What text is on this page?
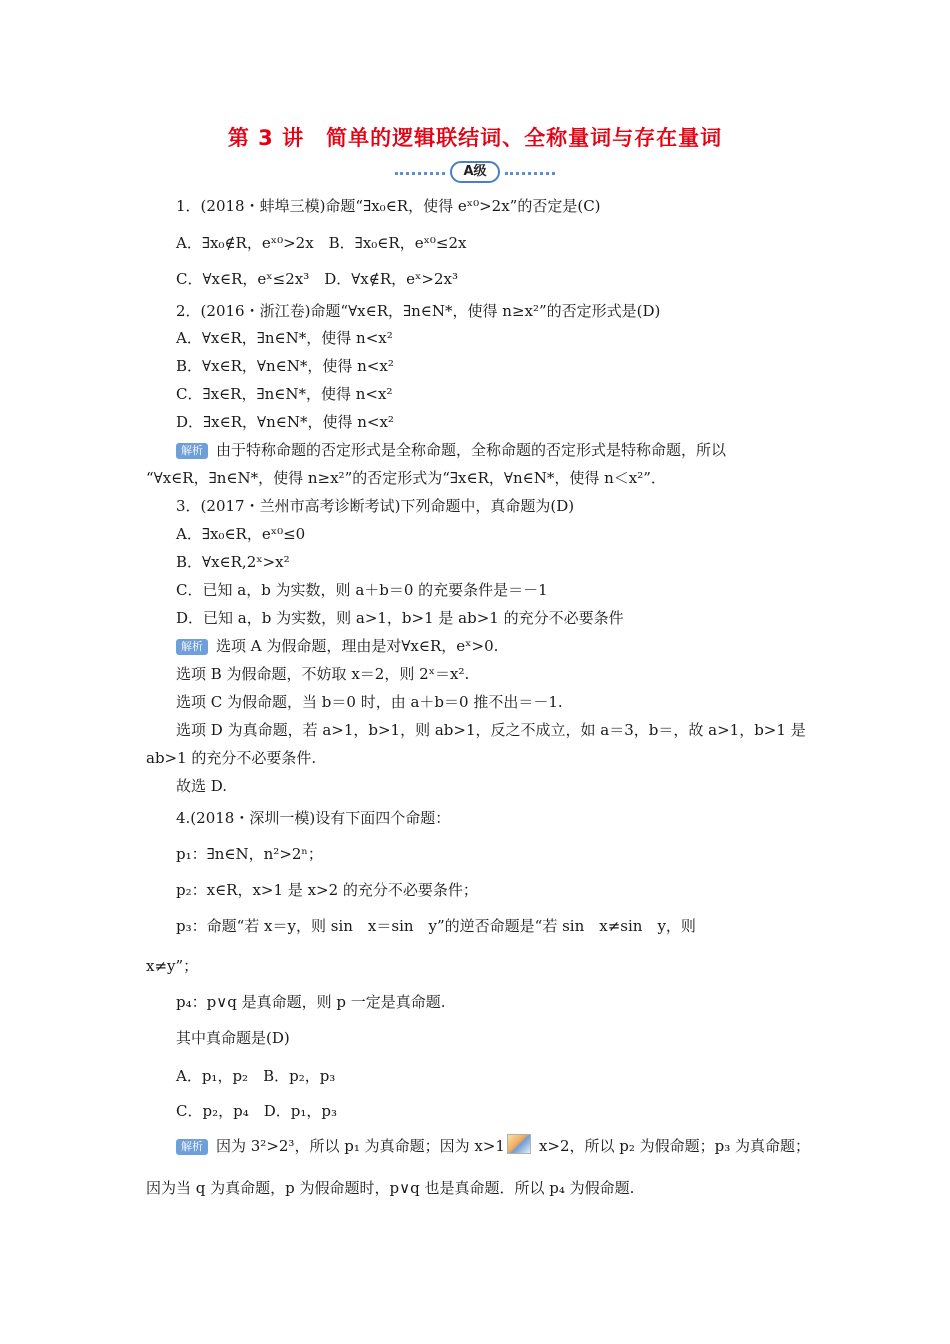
第 3 讲　简单的逻辑联结词、全称量词与存在量词
A级
1．(2018・蚌埠三模)命题“∃x₀∈R，使得 eˣ⁰>2x”的否定是(C)
A．∃x₀∉R，eˣ⁰>2x　B．∃x₀∈R，eˣ⁰≤2x
C．∀x∈R，eˣ≤2x³　D．∀x∉R，eˣ>2x³
2．(2016・浙江卷)命题“∀x∈R，∃n∈N*，使得 n≥x²”的否定形式是(D)
A．∀x∈R，∃n∈N*，使得 n<x²
B．∀x∈R，∀n∈N*，使得 n<x²
C．∃x∈R，∃n∈N*，使得 n<x²
D．∃x∈R，∀n∈N*，使得 n<x²
解析 由于特称命题的否定形式是全称命题，全称命题的否定形式是特称命题，所以
“∀x∈R，∃n∈N*，使得 n≥x²”的否定形式为“∃x∈R，∀n∈N*，使得 n＜x²”．
3．(2017・兰州市高考诊断考试)下列命题中，真命题为(D)
A．∃x₀∈R，eˣ⁰≤0
B．∀x∈R,2ˣ>x²
C．已知 a，b 为实数，则 a＋b＝0 的充要条件是＝－1
D．已知 a，b 为实数，则 a>1，b>1 是 ab>1 的充分不必要条件
解析 选项 A 为假命题，理由是对∀x∈R，eˣ>0.
选项 B 为假命题，不妨取 x＝2，则 2ˣ＝x².
选项 C 为假命题，当 b＝0 时，由 a＋b＝0 推不出＝－1.
选项 D 为真命题，若 a>1，b>1，则 ab>1，反之不成立，如 a＝3，b＝，故 a>1，b>1 是
ab>1 的充分不必要条件.
故选 D.
4.(2018・深圳一模)设有下面四个命题：
p₁：∃n∈N，n²>2ⁿ；
p₂：x∈R，x>1 是 x>2 的充分不必要条件；
p₃：命题“若 x＝y，则 sin　x＝sin　y”的逆否命题是“若 sin　x≠sin　y，则
x≠y”；
p₄：p∨q 是真命题，则 p 一定是真命题.
其中真命题是(D)
A．p₁，p₂　B．p₂，p₃
C．p₂，p₄　D．p₁，p₃
解析 因为 3²>2³，所以 p₁ 为真命题；因为 x>1 x>2，所以 p₂ 为假命题；p₃ 为真命题；
因为当 q 为真命题，p 为假命题时，p∨q 也是真命题．所以 p₄ 为假命题.
